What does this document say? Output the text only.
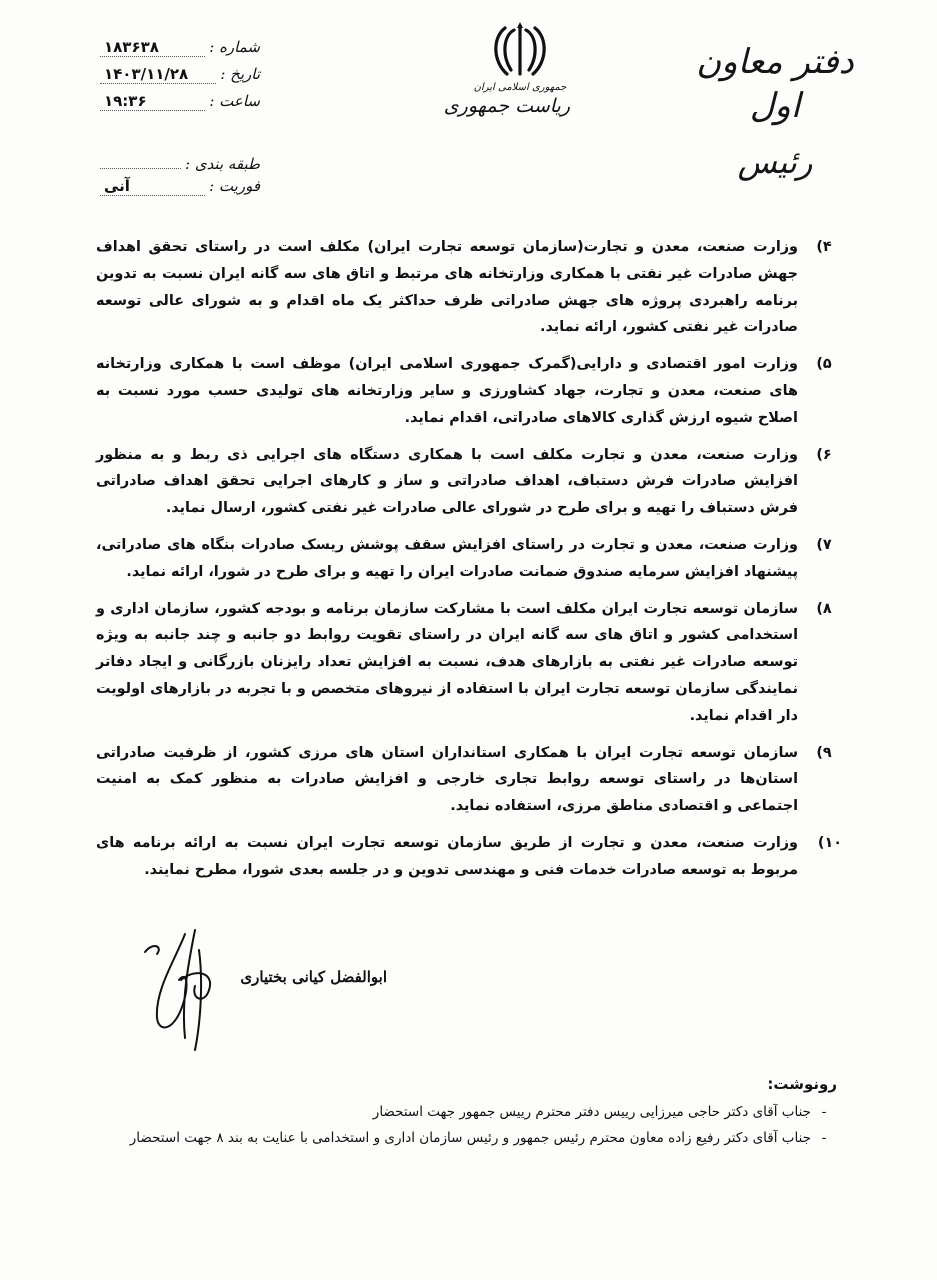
دفتر معاون اول
رئیس
جمهوری اسلامی ایران
ریاست جمهوری
شماره :
۱۸۳۶۳۸
تاریخ :
۱۴۰۳/۱۱/۲۸
ساعت :
۱۹:۳۶
طبقه بندی :
فوریت :
آنی
۴)
وزارت صنعت، معدن و تجارت(سازمان توسعه تجارت ایران) مکلف است در راستای تحقق اهداف جهش صادرات غیر نفتی با همکاری وزارتخانه های مرتبط و اتاق های سه گانه ایران نسبت به تدوین برنامه راهبردی پروژه های جهش صادراتی ظرف حداکثر یک ماه اقدام و به شورای عالی توسعه صادرات غیر نفتی کشور، ارائه نماید.
۵)
وزارت امور اقتصادی و دارایی(گمرک جمهوری اسلامی ایران) موظف است با همکاری وزارتخانه های صنعت، معدن و تجارت، جهاد کشاورزی و سایر وزارتخانه های تولیدی حسب مورد نسبت به اصلاح شیوه ارزش گذاری کالاهای صادراتی، اقدام نماید.
۶)
وزارت صنعت، معدن و تجارت مکلف است با همکاری دستگاه های اجرایی ذی ربط و به منظور افزایش صادرات فرش دستباف، اهداف صادراتی و ساز و کارهای اجرایی تحقق اهداف صادراتی فرش دستباف را تهیه و برای طرح در شورای عالی صادرات غیر نفتی کشور، ارسال نماید.
۷)
وزارت صنعت، معدن و تجارت در راستای افزایش سقف پوشش ریسک صادرات بنگاه های صادراتی، پیشنهاد افزایش سرمایه صندوق ضمانت صادرات ایران را تهیه و برای طرح در شورا، ارائه نماید.
۸)
سازمان توسعه تجارت ایران مکلف است با مشارکت سازمان برنامه و بودجه کشور، سازمان اداری و استخدامی کشور و اتاق های سه گانه ایران در راستای تقویت روابط دو جانبه و چند جانبه به ویژه توسعه صادرات غیر نفتی به بازارهای هدف، نسبت به افزایش تعداد رایزنان بازرگانی و ایجاد دفاتر نمایندگی سازمان توسعه تجارت ایران با استفاده از نیروهای متخصص و با تجربه در بازارهای اولویت دار اقدام نماید.
۹)
سازمان توسعه تجارت ایران با همکاری استانداران استان های مرزی کشور، از ظرفیت صادراتی استان‌ها در راستای توسعه روابط تجاری خارجی و افزایش صادرات به منظور کمک به امنیت اجتماعی و اقتصادی مناطق مرزی، استفاده نماید.
۱۰)
وزارت صنعت، معدن و تجارت از طریق سازمان توسعه تجارت ایران نسبت به ارائه برنامه های مربوط به توسعه صادرات خدمات فنی و مهندسی تدوین و در جلسه بعدی شورا، مطرح نمایند.
ابوالفضل کیانی بختیاری
رونوشت:
- جناب آقای دکتر حاجی میرزایی رییس دفتر محترم رییس جمهور جهت استحضار
- جناب آقای دکتر رفیع زاده معاون محترم رئیس جمهور و رئیس سازمان اداری و استخدامی با عنایت به بند ۸ جهت استحضار
